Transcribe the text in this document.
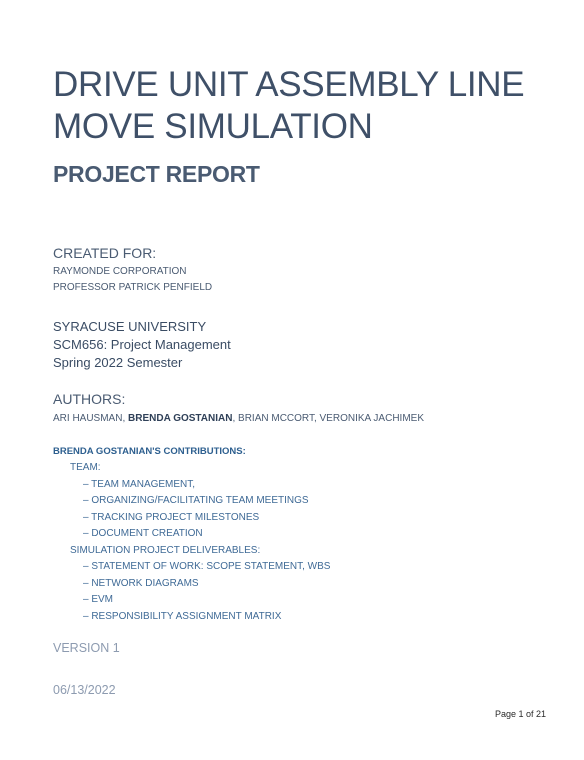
DRIVE UNIT ASSEMBLY LINE
MOVE SIMULATION
PROJECT REPORT
CREATED FOR:
RAYMONDE CORPORATION
PROFESSOR PATRICK PENFIELD
SYRACUSE UNIVERSITY
SCM656: Project Management
Spring 2022 Semester
AUTHORS:
ARI HAUSMAN, BRENDA GOSTANIAN, BRIAN MCCORT, VERONIKA JACHIMEK
BRENDA GOSTANIAN'S CONTRIBUTIONS:
TEAM:
– TEAM MANAGEMENT,
– ORGANIZING/FACILITATING TEAM MEETINGS
– TRACKING PROJECT MILESTONES
– DOCUMENT CREATION
SIMULATION PROJECT DELIVERABLES:
– STATEMENT OF WORK: SCOPE STATEMENT, WBS
– NETWORK DIAGRAMS
– EVM
– RESPONSIBILITY ASSIGNMENT MATRIX
VERSION 1
06/13/2022
Page 1 of 21
